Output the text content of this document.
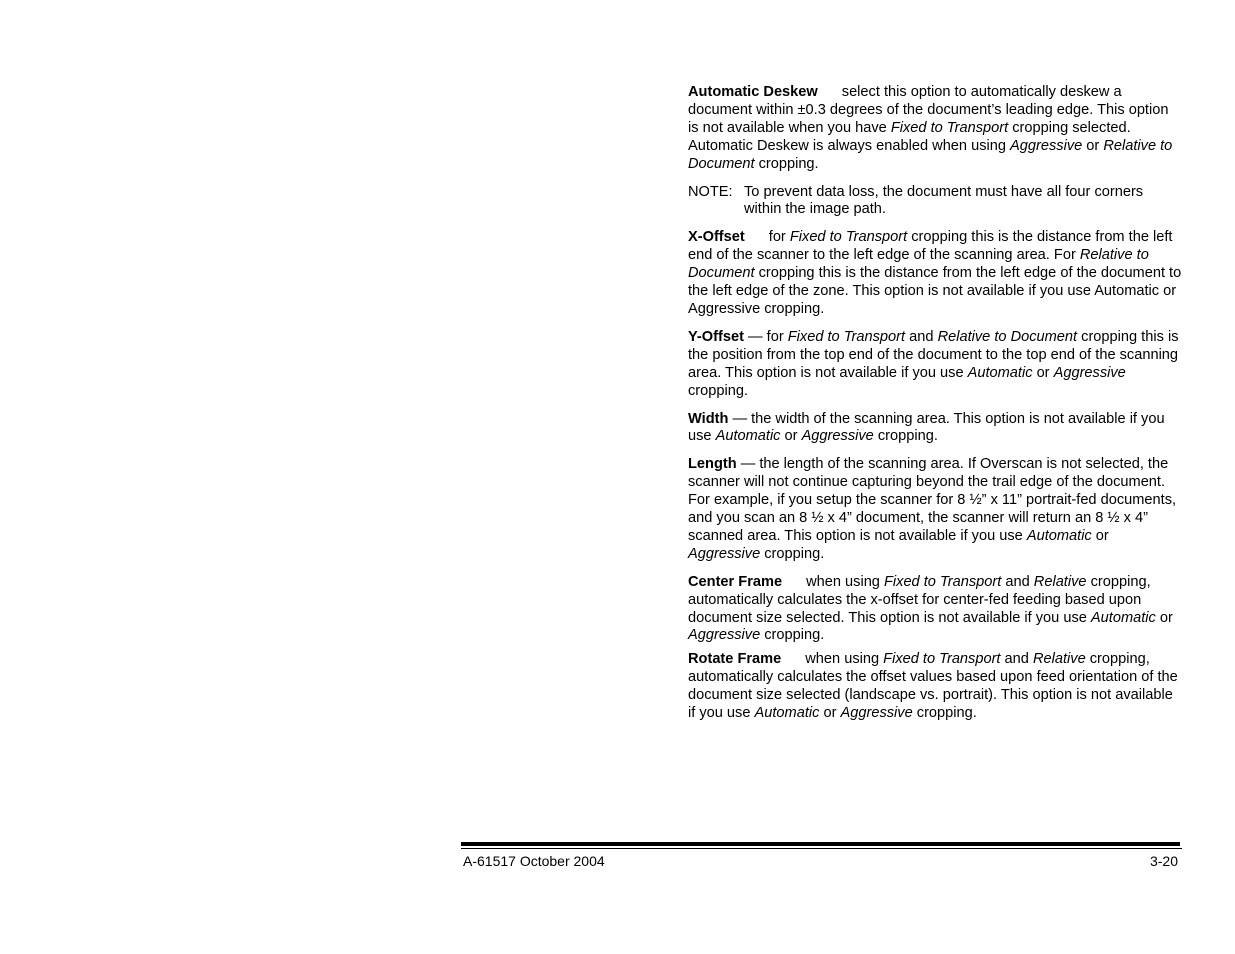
Automatic Deskew select this option to automatically deskew a document within ±0.3 degrees of the document’s leading edge. This option is not available when you have Fixed to Transport cropping selected. Automatic Deskew is always enabled when using Aggressive or Relative to Document cropping.

NOTE: To prevent data loss, the document must have all four corners within the image path.

X-Offset for Fixed to Transport cropping this is the distance from the left end of the scanner to the left edge of the scanning area. For Relative to Document cropping this is the distance from the left edge of the document to the left edge of the zone. This option is not available if you use Automatic or Aggressive cropping.

Y-Offset — for Fixed to Transport and Relative to Document cropping this is the position from the top end of the document to the top end of the scanning area. This option is not available if you use Automatic or Aggressive cropping.

Width — the width of the scanning area. This option is not available if you use Automatic or Aggressive cropping.

Length — the length of the scanning area. If Overscan is not selected, the scanner will not continue capturing beyond the trail edge of the document. For example, if you setup the scanner for 8 ½” x 11” portrait-fed documents, and you scan an 8 ½ x 4” document, the scanner will return an 8 ½ x 4” scanned area. This option is not available if you use Automatic or Aggressive cropping.

Center Frame when using Fixed to Transport and Relative cropping, automatically calculates the x-offset for center-fed feeding based upon document size selected. This option is not available if you use Automatic or Aggressive cropping.

Rotate Frame when using Fixed to Transport and Relative cropping, automatically calculates the offset values based upon feed orientation of the document size selected (landscape vs. portrait). This option is not available if you use Automatic or Aggressive cropping.

A-61517 October 2004	3-20
